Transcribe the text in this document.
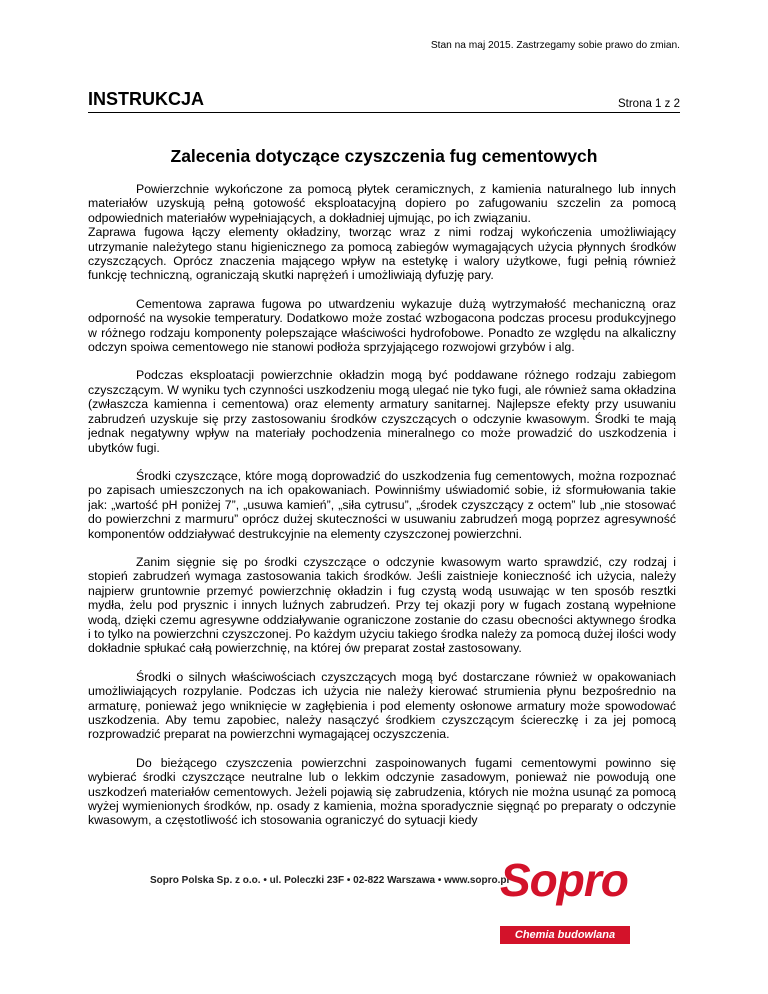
Stan na maj 2015. Zastrzegamy sobie prawo do zmian.
INSTRUKCJA	Strona 1 z 2
Zalecenia dotyczące czyszczenia fug cementowych

Powierzchnie wykończone za pomocą płytek ceramicznych, z kamienia naturalnego lub innych materiałów uzyskują pełną gotowość eksploatacyjną dopiero po zafugowaniu szczelin za pomocą odpowiednich materiałów wypełniających, a dokładniej ujmując, po ich związaniu.

Zaprawa fugowa łączy elementy okładziny, tworząc wraz z nimi rodzaj wykończenia umożliwiający utrzymanie należytego stanu higienicznego za pomocą zabiegów wymagających użycia płynnych środków czyszczących. Oprócz znaczenia mającego wpływ na estetykę i walory użytkowe, fugi pełnią również funkcję techniczną, ograniczają skutki naprężeń i umożliwiają dyfuzję pary.

Cementowa zaprawa fugowa po utwardzeniu wykazuje dużą wytrzymałość mechaniczną oraz odporność na wysokie temperatury. Dodatkowo może zostać wzbogacona podczas procesu produkcyjnego w różnego rodzaju komponenty polepszające właściwości hydrofobowe. Ponadto ze względu na alkaliczny odczyn spoiwa cementowego nie stanowi podłoża sprzyjającego rozwojowi grzybów i alg.

Podczas eksploatacji powierzchnie okładzin mogą być poddawane różnego rodzaju zabiegom czyszczącym. W wyniku tych czynności uszkodzeniu mogą ulegać nie tyko fugi, ale również sama okładzina (zwłaszcza kamienna i cementowa) oraz elementy armatury sanitarnej. Najlepsze efekty przy usuwaniu zabrudzeń uzyskuje się przy zastosowaniu środków czyszczących o odczynie kwasowym. Środki te mają jednak negatywny wpływ na materiały pochodzenia mineralnego co może prowadzić do uszkodzenia i ubytków fugi.

Środki czyszczące, które mogą doprowadzić do uszkodzenia fug cementowych, można rozpoznać po zapisach umieszczonych na ich opakowaniach. Powinniśmy uświadomić sobie, iż sformułowania takie jak: „wartość pH poniżej 7”, „usuwa kamień”, „siła cytrusu”, „środek czyszczący z octem” lub „nie stosować do powierzchni z marmuru” oprócz dużej skuteczności w usuwaniu zabrudzeń mogą poprzez agresywność komponentów oddziaływać destrukcyjnie na elementy czyszczonej powierzchni.

Zanim sięgnie się po środki czyszczące o odczynie kwasowym warto sprawdzić, czy rodzaj i stopień zabrudzeń wymaga zastosowania takich środków. Jeśli zaistnieje konieczność ich użycia, należy najpierw gruntownie przemyć powierzchnię okładzin i fug czystą wodą usuwając w ten sposób resztki mydła, żelu pod prysznic i innych luźnych zabrudzeń. Przy tej okazji pory w fugach zostaną wypełnione wodą, dzięki czemu agresywne oddziaływanie ograniczone zostanie do czasu obecności aktywnego środka i to tylko na powierzchni czyszczonej. Po każdym użyciu takiego środka należy za pomocą dużej ilości wody dokładnie spłukać całą powierzchnię, na której ów preparat został zastosowany.

Środki o silnych właściwościach czyszczących mogą być dostarczane również w opakowaniach umożliwiających rozpylanie. Podczas ich użycia nie należy kierować strumienia płynu bezpośrednio na armaturę, ponieważ jego wniknięcie w zagłębienia i pod elementy osłonowe armatury może spowodować uszkodzenia. Aby temu zapobiec, należy nasączyć środkiem czyszczącym ściereczkę i za jej pomocą rozprowadzić preparat na powierzchni wymagającej oczyszczenia.

Do bieżącego czyszczenia powierzchni zaspoinowanych fugami cementowymi powinno się wybierać środki czyszczące neutralne lub o lekkim odczynie zasadowym, ponieważ nie powodują one uszkodzeń materiałów cementowych. Jeżeli pojawią się zabrudzenia, których nie można usunąć za pomocą wyżej wymienionych środków, np. osady z kamienia, można sporadycznie sięgnąć po preparaty o odczynie kwasowym, a częstotliwość ich stosowania ograniczyć do sytuacji kiedy

Sopro Polska Sp. z o.o. • ul. Poleczki 23F • 02-822 Warszawa • www.sopro.pl
Sopro
Chemia budowlana
